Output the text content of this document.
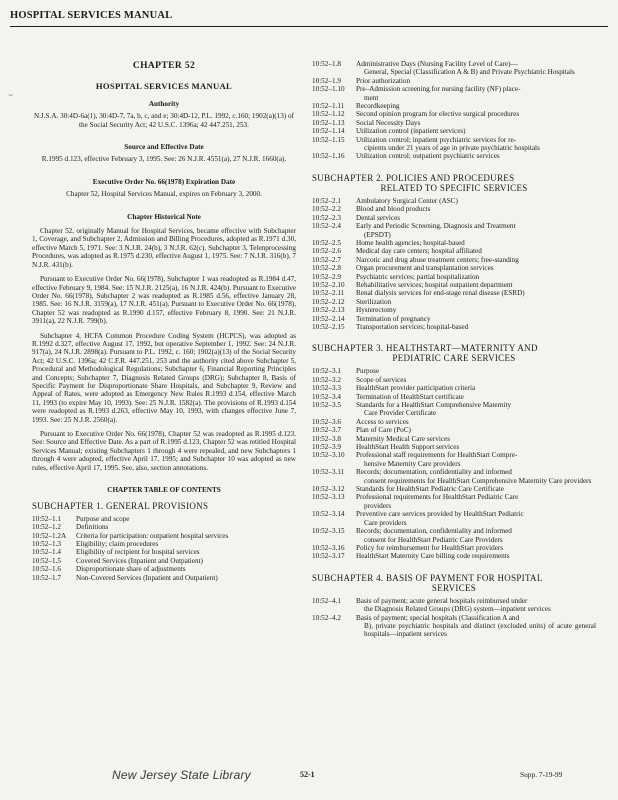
HOSPITAL SERVICES MANUAL
CHAPTER 52
HOSPITAL SERVICES MANUAL
Authority
N.J.S.A. 30:4D-6a(1), 30:4D-7, 7a, b, c, and e; 30:4D-12, P.L. 1992, c.160; 1902(a)(13) of the Social Security Act; 42 U.S.C. 1396a; 42 447.251, 253.
Source and Effective Date
R.1995 d.123, effective February 3, 1995. See: 26 N.J.R. 4551(a), 27 N.J.R. 1660(a).
Executive Order No. 66(1978) Expiration Date
Chapter 52, Hospital Services Manual, expires on February 3, 2000.
Chapter Historical Note

Chapter 52, originally Manual for Hospital Services, became effective with Subchapter 1, Coverage, and Subchapter 2, Admission and Billing Procedures, adopted as R.1971 d.30, effective March 5, 1971. See: 3 N.J.R. 24(b), 3 N.J.R. 62(c). Subchapter 3, Telenprocessing Procedures, was adopted as R.1975 d.230, effective August 1, 1975. See: 7 N.J.R. 316(b), 7 N.J.R. 431(b).

Pursuant to Executive Order No. 66(1978), Subchapter 1 was readopted as R.1984 d.47, effective February 9, 1984. See: 15 N.J.R. 2125(a), 16 N.J.R. 424(b). Pursuant to Executive Order No. 66(1978), Subchapter 2 was readopted as R.1985 d.56, effective January 28, 1985. See: 16 N.J.R. 3159(a), 17 N.J.R. 451(a). Pursuant to Executive Order No. 66(1978), Chapter 52 was readopted as R.1990 d.157, effective February 8, 1990. See: 21 N.J.R. 3911(a), 22 N.J.R. 799(b).

Subchapter 4, HCFA Common Procedure Coding System (HCPCS), was adopted as R.1992 d.327, effective August 17, 1992, but operative September 1, 1992. See: 24 N.J.R. 917(a), 24 N.J.R. 2898(a). Pursuant to P.L. 1992, c. 160; 1902(a)(13) of the Social Security Act; 42 U.S.C. 1396a; 42 C.F.R. 447.251, 253 and the authority cited above Subchapter 5, Procedural and Methodological Regulations; Subchapter 6, Financial Reporting Principles and Concepts; Subchapter 7, Diagnosis Related Groups (DRG); Subchapter 8, Basis of Specific Payment for Disproportionate Share Hospitals, and Subchapter 9, Review and Appeal of Rates, were adopted as Emergency New Rules R.1993 d.154, effective March 11, 1993 (to expire May 10, 1993). See: 25 N.J.R. 1582(a). The provisions of R.1993 d.154 were readopted as R.1993 d.263, effective May 10, 1993, with changes effective June 7, 1993. See: 25 N.J.R. 2560(a).

Pursuant to Executive Order No. 66(1978), Chapter 52 was readopted as R.1995 d.123. See: Source and Effective Date. As a part of R.1995 d.123, Chapter 52 was retitled Hospital Services Manual; existing Subchapters 1 through 4 were repealed, and new Subchapters 1 through 4 were adopted, effective April 17, 1995; and Subchapter 10 was adopted as new rules, effective April 17, 1995. See, also, section annotations.

CHAPTER TABLE OF CONTENTS
SUBCHAPTER 1. GENERAL PROVISIONS
10:52–1.1	Purpose and scope
10:52–1.2	Definitions
10:52–1.2A	Criteria for participation: outpatient hospital services
10:52–1.3	Eligibility; claim procedures
10:52–1.4	Eligibility of recipient for hospital services
10:52–1.5	Covered Services (Inpatient and Outpatient)
10:52–1.6	Disproportionate share of adjustments
10:52–1.7	Non-Covered Services (Inpatient and Outpatient)
10:52–1.8	Administrative Days (Nursing Facility Level of Care)—
General, Special (Classification A & B) and Private Psychiatric Hospitals
10:52–1.9	Prior authorization
10:52–1.10	Pre–Admission screening for nursing facility (NF) place-
ment
10:52–1.11	Recordkeeping
10:52–1.12	Second opinion program for elective surgical procedures
10:52–1.13	Social Necessity Days
10:52–1.14	Utilization control (inpatient services)
10:52–1.15	Utilization control; inpatient psychiatric services for re-
cipients under 21 years of age in private psychiatric hospitals
10:52–1.16	Utilization control; outpatient psychiatric services
SUBCHAPTER 2. POLICIES AND PROCEDURES
RELATED TO SPECIFIC SERVICES
10:52–2.1	Ambulatory Surgical Center (ASC)
10:52–2.2	Blood and blood products
10:52–2.3	Dental services
10:52–2.4	Early and Periodic Screening, Diagnosis and Treatment
(EPSDT)
10:52–2.5	Home health agencies; hospital-based
10:52–2.6	Medical day care centers; hospital affiliated
10:52–2.7	Narcotic and drug abuse treatment centers; free-standing
10:52–2.8	Organ procurement and transplantation services
10:52–2.9	Psychiatric services; partial hospitalization
10:52–2.10	Rehabilitative services; hospital outpatient department
10:52–2.11	Renal dialysis services for end-stage renal disease (ESRD)
10:52–2.12	Sterilization
10:52–2.13	Hysterectomy
10:52–2.14	Termination of pregnancy
10:52–2.15	Transportation services; hospital-based
SUBCHAPTER 3. HEALTHSTART—MATERNITY AND
PEDIATRIC CARE SERVICES
10:52–3.1	Purpose
10:52–3.2	Scope of services
10:52–3.3	HealthStart provider participation criteria
10:52–3.4	Termination of HealthStart certificate
10:52–3.5	Standards for a HealthStart Comprehensive Maternity
Care Provider Certificate
10:52–3.6	Access to services
10:52–3.7	Plan of Care (PoC)
10:52–3.8	Maternity Medical Care services
10:52–3.9	HealthStart Health Support services
10:52–3.10	Professional staff requirements for HealthStart Compre-
hensive Maternity Care providers
10:52–3.11	Records; documentation, confidentiality and informed
consent requirements for HealthStart Comprehensive Maternity Care providers
10:52–3.12	Standards for HealthStart Pediatric Care Certificate
10:52–3.13	Professional requirements for HealthStart Pediatric Care
providers
10:52–3.14	Preventive care services provided by HealthStart Pediatric
Care providers
10:52–3.15	Records; documentation, confidentiality and informed
consent for HealthStart Pediatric Care Providers
10:52–3.16	Policy for reimbursement for HealthStart providers
10:52–3.17	HealthStart Maternity Care billing code requirements
SUBCHAPTER 4. BASIS OF PAYMENT FOR HOSPITAL
SERVICES
10:52–4.1	Basis of payment; acute general hospitals reimbursed under
the Diagnosis Related Groups (DRG) system—inpatient services
10:52–4.2	Basis of payment; special hospitals (Classification A and
B), private psychiatric hospitals and distinct (excluded units) of acute general hospitals—inpatient services
⌣
New Jersey State Library	52-1	Supp. 7-19-99
